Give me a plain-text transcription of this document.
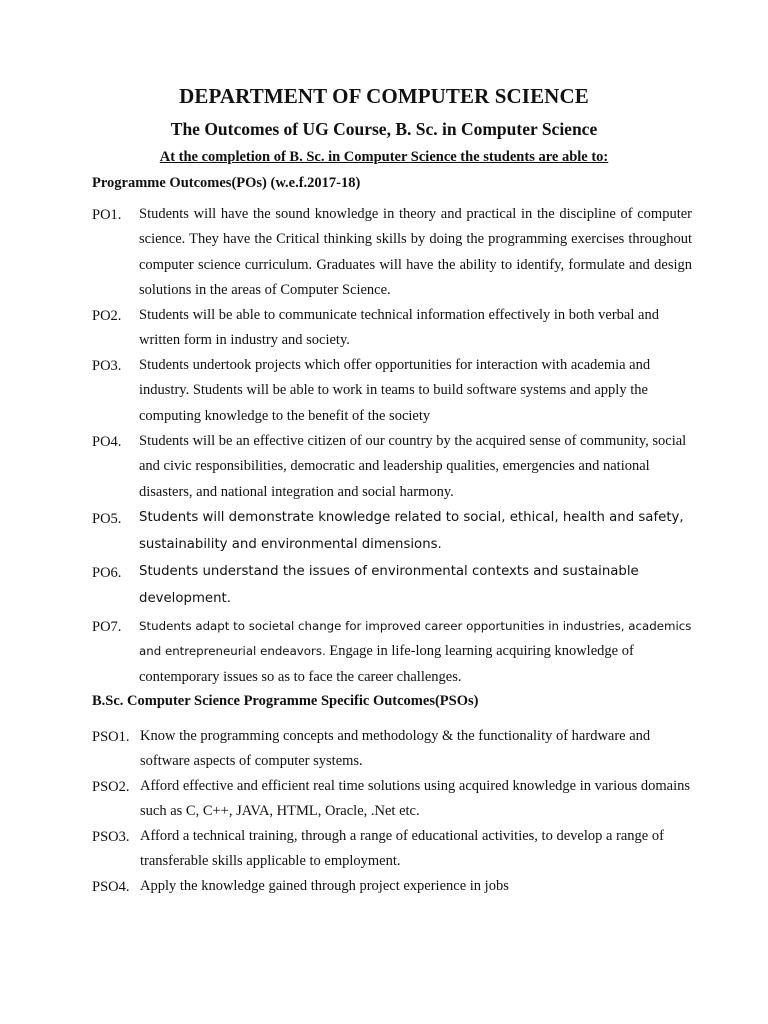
DEPARTMENT OF COMPUTER SCIENCE
The Outcomes of UG Course, B. Sc. in Computer Science
At the completion of B. Sc. in Computer Science the students are able to:
Programme Outcomes(POs) (w.e.f.2017-18)
PO1. Students will have the sound knowledge in theory and practical in the discipline of computer science. They have the Critical thinking skills by doing the programming exercises throughout computer science curriculum. Graduates will have the ability to identify, formulate and design solutions in the areas of Computer Science.
PO2. Students will be able to communicate technical information effectively in both verbal and written form in industry and society.
PO3. Students undertook projects which offer opportunities for interaction with academia and industry. Students will be able to work in teams to build software systems and apply the computing knowledge to the benefit of the society
PO4. Students will be an effective citizen of our country by the acquired sense of community, social and civic responsibilities, democratic and leadership qualities, emergencies and national disasters, and national integration and social harmony.
PO5. Students will demonstrate knowledge related to social, ethical, health and safety, sustainability and environmental dimensions.
PO6. Students understand the issues of environmental contexts and sustainable development.
PO7. Students adapt to societal change for improved career opportunities in industries, academics and entrepreneurial endeavors. Engage in life-long learning acquiring knowledge of contemporary issues so as to face the career challenges.
B.Sc. Computer Science Programme Specific Outcomes(PSOs)
PSO1. Know the programming concepts and methodology & the functionality of hardware and software aspects of computer systems.
PSO2. Afford effective and efficient real time solutions using acquired knowledge in various domains such as C, C++, JAVA, HTML, Oracle, .Net etc.
PSO3. Afford a technical training, through a range of educational activities, to develop a range of transferable skills applicable to employment.
PSO4. Apply the knowledge gained through project experience in jobs
